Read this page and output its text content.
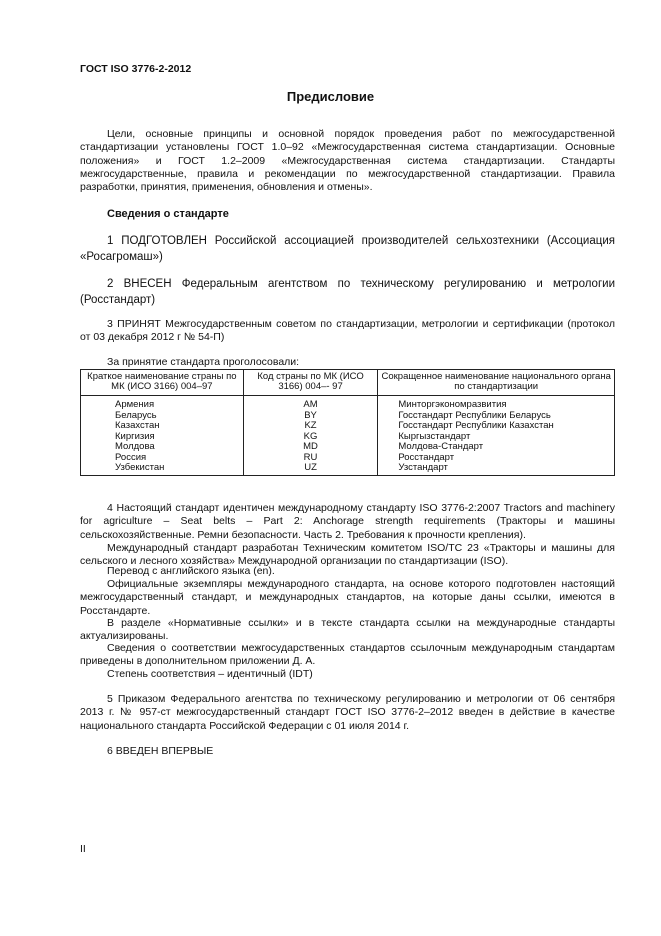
ГОСТ ISO 3776-2-2012
Предисловие

Цели, основные принципы и основной порядок проведения работ по межгосударственной стандартизации установлены ГОСТ 1.0–92 «Межгосударственная система стандартизации. Основные положения» и ГОСТ 1.2–2009 «Межгосударственная система стандартизации. Стандарты межгосударственные, правила и рекомендации по межгосударственной стандартизации. Правила разработки, принятия, применения, обновления и отмены».

Сведения о стандарте

1 ПОДГОТОВЛЕН Российской ассоциацией производителей сельхозтехники (Ассоциация «Росагромаш»)

2 ВНЕСЕН Федеральным агентством по техническому регулированию и метрологии (Росстандарт)

3 ПРИНЯТ Межгосударственным советом по стандартизации, метрологии и сертификации (протокол от 03 декабря 2012 г № 54-П)

За принятие стандарта проголосовали:

Краткое наименование страны по МК (ИСО 3166) 004–97	Код страны по МК (ИСО 3166) 004–- 97	Сокращенное наименование национального органа по стандартизации
Армения	AM	Минторгэкономразвития
Беларусь	BY	Госстандарт Республики Беларусь
Казахстан	KZ	Госстандарт Республики Казахстан
Киргизия	KG	Кыргызстандарт
Молдова	MD	Молдова-Стандарт
Россия	RU	Росстандарт
Узбекистан	UZ	Узстандарт

4 Настоящий стандарт идентичен международному стандарту ISO 3776-2:2007 Tractors and machinery for agriculture – Seat belts – Part 2: Anchorage strength requirements (Тракторы и машины сельскохозяйственные. Ремни безопасности. Часть 2. Требования к прочности крепления).

Международный стандарт разработан Техническим комитетом ISO/TC 23 «Тракторы и машины для сельского и лесного хозяйства» Международной организации по стандартизации (ISO).

Перевод с английского языка (en).

Официальные экземпляры международного стандарта, на основе которого подготовлен настоящий межгосударственный стандарт, и международных стандартов, на которые даны ссылки, имеются в Росстандарте.

В разделе «Нормативные ссылки» и в тексте стандарта ссылки на международные стандарты актуализированы.

Сведения о соответствии межгосударственных стандартов ссылочным международным стандартам приведены в дополнительном приложении Д. А.

Степень соответствия – идентичный (IDT)

5 Приказом Федерального агентства по техническому регулированию и метрологии от 06 сентября 2013 г. № 957-ст межгосударственный стандарт ГОСТ ISO 3776-2–2012 введен в действие в качестве национального стандарта Российской Федерации с 01 июля 2014 г.

6 ВВЕДЕН ВПЕРВЫЕ

II
